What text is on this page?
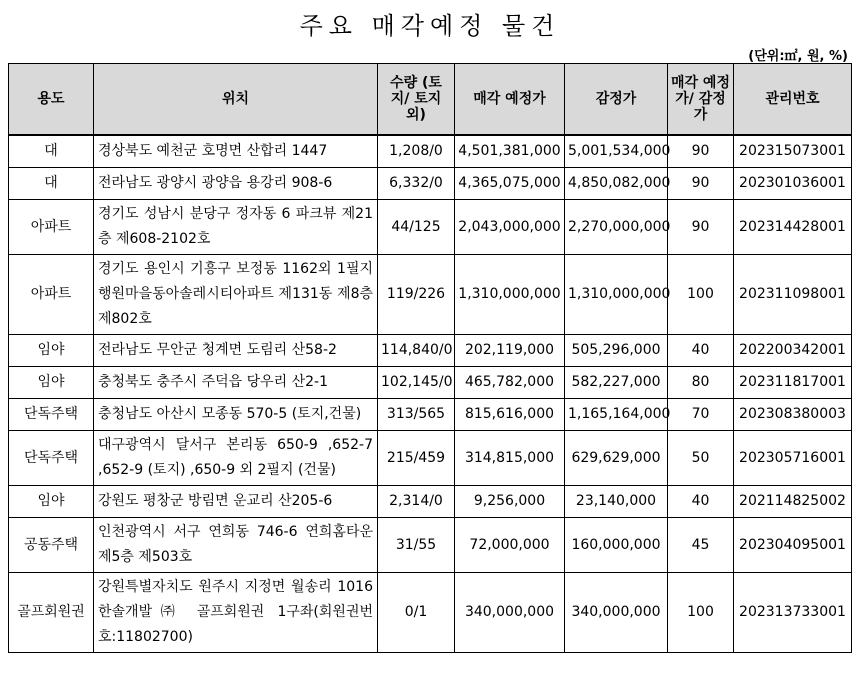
주요 매각예정 물건
(단위:㎡, 원, %)
용도	위치	수량 (토지/ 토지외)	매각 예정가	감정가	매각 예정가/ 감정가	관리번호
대	경상북도 예천군 호명면 산합리 1447	1,208/0	4,501,381,000	5,001,534,000	90	202315073001
대	전라남도 광양시 광양읍 용강리 908-6	6,332/0	4,365,075,000	4,850,082,000	90	202301036001
아파트	경기도 성남시 분당구 정자동 6 파크뷰 제21층 제608-2102호	44/125	2,043,000,000	2,270,000,000	90	202314428001
아파트	경기도 용인시 기흥구 보정동 1162외 1필지 행원마을동아솔레시티아파트 제131동 제8층 제802호	119/226	1,310,000,000	1,310,000,000	100	202311098001
임야	전라남도 무안군 청계면 도림리 산58-2	114,840/0	202,119,000	505,296,000	40	202200342001
임야	충청북도 충주시 주덕읍 당우리 산2-1	102,145/0	465,782,000	582,227,000	80	202311817001
단독주택	충청남도 아산시 모종동 570-5 (토지,건물)	313/565	815,616,000	1,165,164,000	70	202308380003
단독주택	대구광역시 달서구 본리동 650-9 ,652-7 ,652-9 (토지) ,650-9 외 2필지 (건물)	215/459	314,815,000	629,629,000	50	202305716001
임야	강원도 평창군 방림면 운교리 산205-6	2,314/0	9,256,000	23,140,000	40	202114825002
공동주택	인천광역시 서구 연희동 746-6 연희홈타운 제5층 제503호	31/55	72,000,000	160,000,000	45	202304095001
골프회원권	강원특별자치도 원주시 지정면 월송리 1016 한솔개발㈜ 골프회원권 1구좌(회원권번호:11802700)	0/1	340,000,000	340,000,000	100	202313733001
